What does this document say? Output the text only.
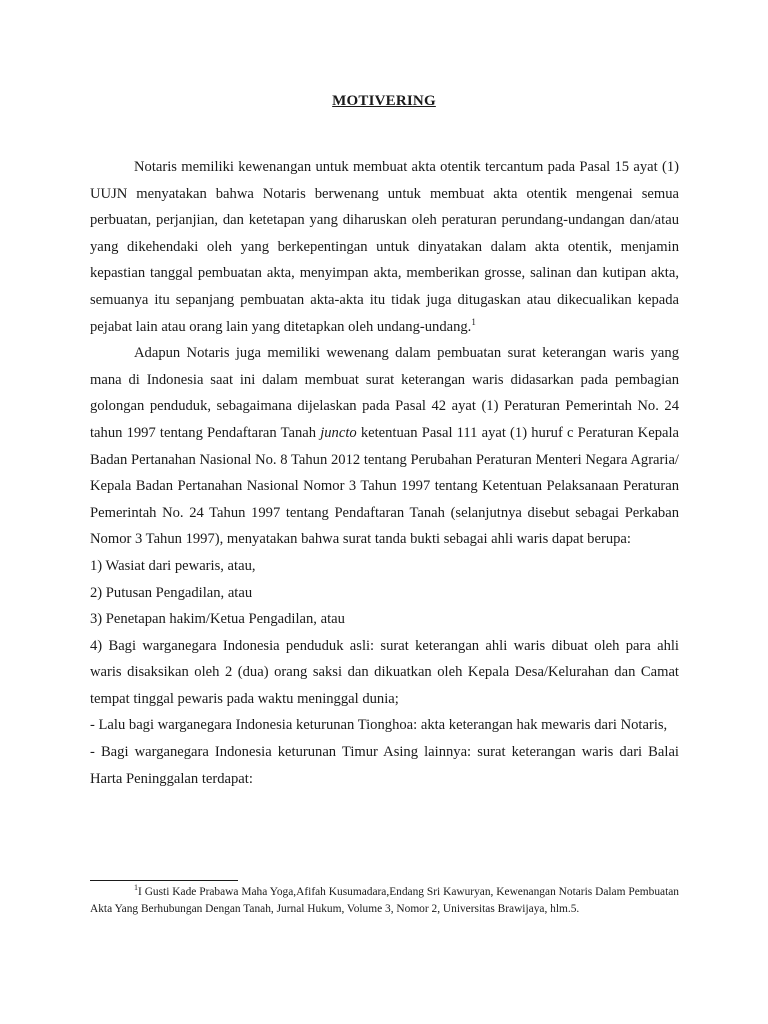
MOTIVERING

Notaris memiliki kewenangan untuk membuat akta otentik tercantum pada Pasal 15 ayat (1) UUJN menyatakan bahwa Notaris berwenang untuk membuat akta otentik mengenai semua perbuatan, perjanjian, dan ketetapan yang diharuskan oleh peraturan perundang-undangan dan/atau yang dikehendaki oleh yang berkepentingan untuk dinyatakan dalam akta otentik, menjamin kepastian tanggal pembuatan akta, menyimpan akta, memberikan grosse, salinan dan kutipan akta, semuanya itu sepanjang pembuatan akta-akta itu tidak juga ditugaskan atau dikecualikan kepada pejabat lain atau orang lain yang ditetapkan oleh undang-undang.$^1$

Adapun Notaris juga memiliki wewenang dalam pembuatan surat keterangan waris yang mana di Indonesia saat ini dalam membuat surat keterangan waris didasarkan pada pembagian golongan penduduk, sebagaimana dijelaskan pada Pasal 42 ayat (1) Peraturan Pemerintah No. 24 tahun 1997 tentang Pendaftaran Tanah juncto ketentuan Pasal 111 ayat (1) huruf c Peraturan Kepala Badan Pertanahan Nasional No. 8 Tahun 2012 tentang Perubahan Peraturan Menteri Negara Agraria/ Kepala Badan Pertanahan Nasional Nomor 3 Tahun 1997 tentang Ketentuan Pelaksanaan Peraturan Pemerintah No. 24 Tahun 1997 tentang Pendaftaran Tanah (selanjutnya disebut sebagai Perkaban Nomor 3 Tahun 1997), menyatakan bahwa surat tanda bukti sebagai ahli waris dapat berupa:

1) Wasiat dari pewaris, atau,

2) Putusan Pengadilan, atau

3) Penetapan hakim/Ketua Pengadilan, atau

4) Bagi warganegara Indonesia penduduk asli: surat keterangan ahli waris dibuat oleh para ahli waris disaksikan oleh 2 (dua) orang saksi dan dikuatkan oleh Kepala Desa/Kelurahan dan Camat tempat tinggal pewaris pada waktu meninggal dunia;

- Lalu bagi warganegara Indonesia keturunan Tionghoa: akta keterangan hak mewaris dari Notaris,

- Bagi warganegara Indonesia keturunan Timur Asing lainnya: surat keterangan waris dari Balai Harta Peninggalan terdapat:

$^1$I Gusti Kade Prabawa Maha Yoga,Afifah Kusumadara,Endang Sri Kawuryan, Kewenangan Notaris Dalam Pembuatan Akta Yang Berhubungan Dengan Tanah, Jurnal Hukum, Volume 3, Nomor 2, Universitas Brawijaya, hlm.5.
